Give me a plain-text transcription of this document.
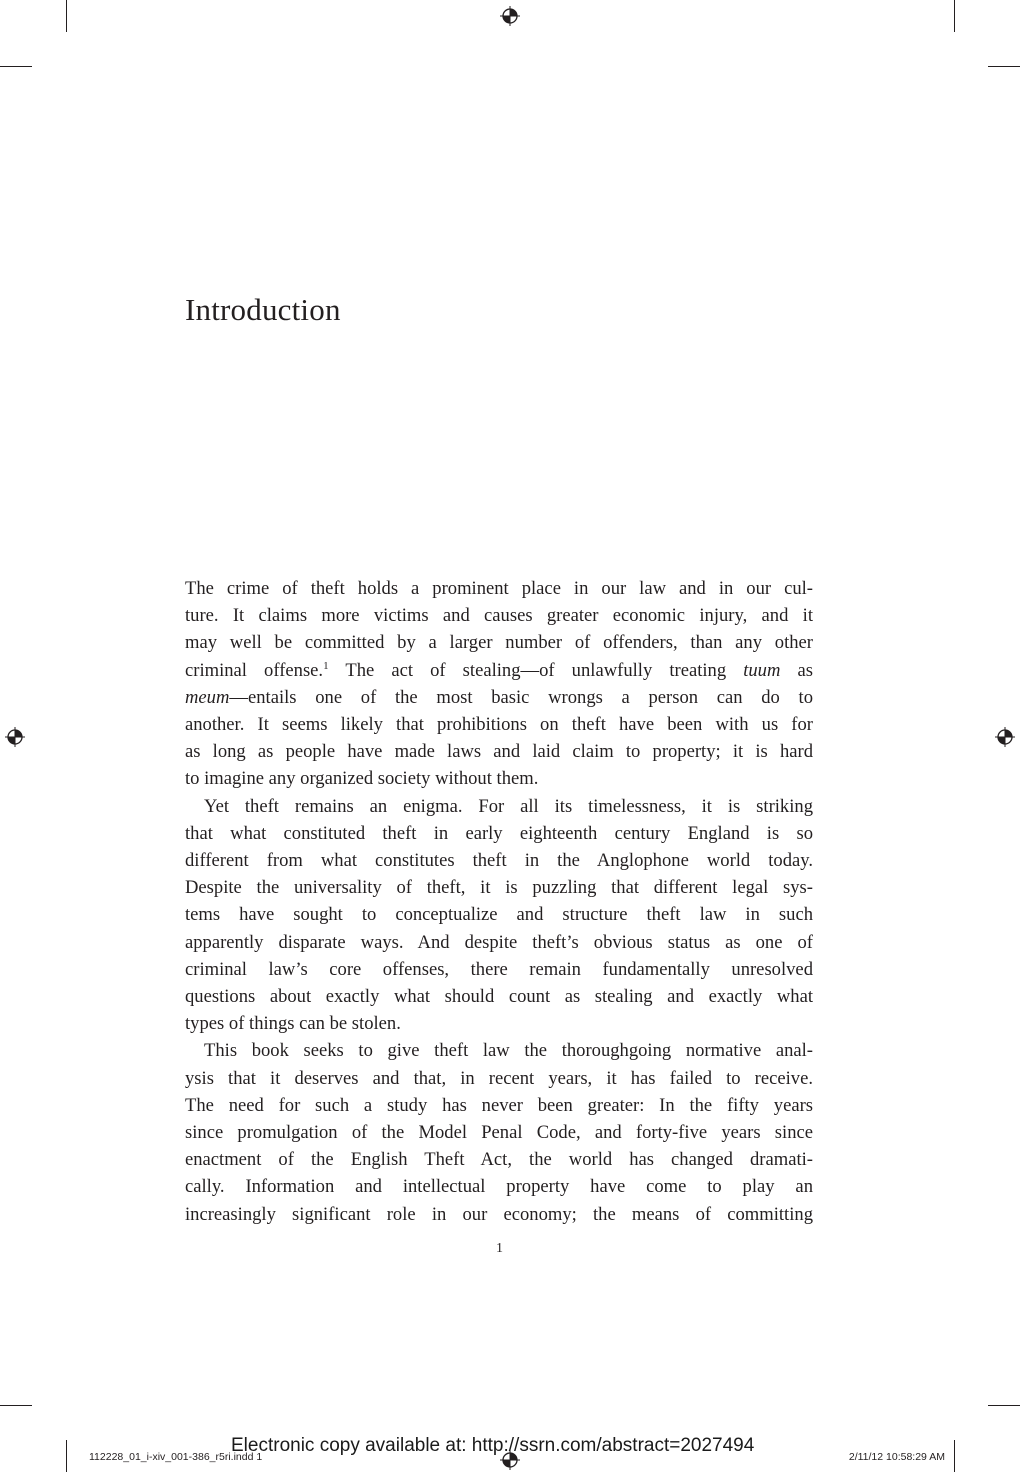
Introduction

The crime of theft holds a prominent place in our law and in our cul-

ture. It claims more victims and causes greater economic injury, and it

may well be committed by a larger number of offenders, than any other

criminal offense.$^1$ The act of stealing—of unlawfully treating tuum as

meum—entails one of the most basic wrongs a person can do to

another. It seems likely that prohibitions on theft have been with us for

as long as people have made laws and laid claim to property; it is hard

to imagine any organized society without them.

Yet theft remains an enigma. For all its timelessness, it is striking

that what constituted theft in early eighteenth century England is so

different from what constitutes theft in the Anglophone world today.

Despite the universality of theft, it is puzzling that different legal sys-

tems have sought to conceptualize and structure theft law in such

apparently disparate ways. And despite theft’s obvious status as one of

criminal law’s core offenses, there remain fundamentally unresolved

questions about exactly what should count as stealing and exactly what

types of things can be stolen.

This book seeks to give theft law the thoroughgoing normative anal-

ysis that it deserves and that, in recent years, it has failed to receive.

The need for such a study has never been greater: In the fifty years

since promulgation of the Model Penal Code, and forty-five years since

enactment of the English Theft Act, the world has changed dramati-

cally. Information and intellectual property have come to play an

increasingly significant role in our economy; the means of committing

1
112228_01_i-xiv_001-386_r5ri.indd 1	2/11/12 10:58:29 AM
Electronic copy available at: http://ssrn.com/abstract=2027494
